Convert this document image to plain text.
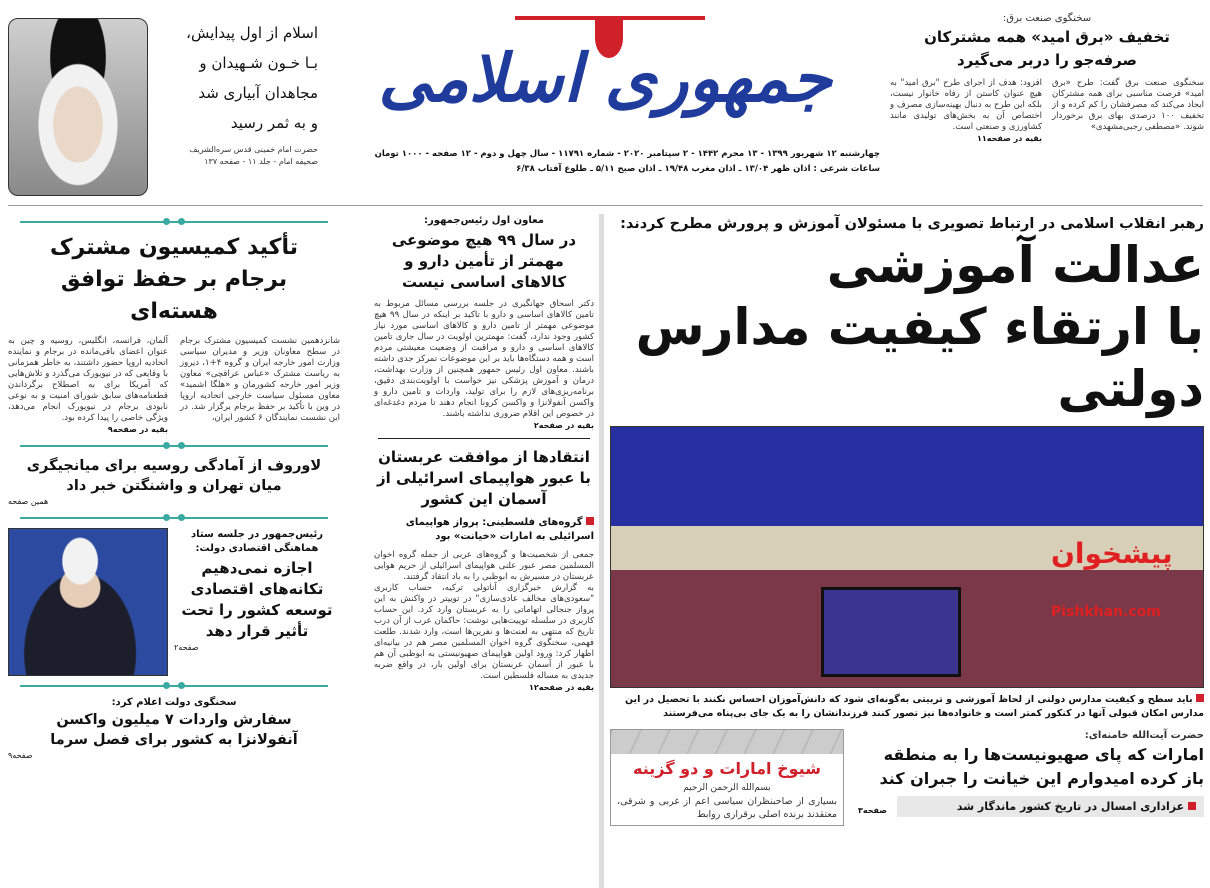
اسلام از اول پیدایش،
بـا خـون شـهیدان و
مجاهدان آبیاری شد
و به ثمر رسید
حضرت امام خمینی قدس سره‌الشریف
صحیفه امام - جلد ۱۱ - صفحه ۱۳۷
جمهوری اسلامی
چهارشنبه ۱۲ شهریور ۱۳۹۹ - ۱۳ محرم ۱۴۴۲ - ۲ سپتامبر ۲۰۲۰ - شماره ۱۱۷۹۱ - سال چهل و دوم - ۱۲ صفحه - ۱۰۰۰ تومان
ساعات شرعی : اذان ظهر ۱۳/۰۴ ـ اذان مغرب ۱۹/۴۸ ـ اذان صبح ۵/۱۱ ـ طلوع آفتاب ۶/۳۸
سخنگوی صنعت برق:
تخفیف «برق امید» همه مشترکان
صرفه‌جو را دربر می‌گیرد
سخنگوی صنعت برق گفت: طرح «برق امید» فرصت مناسبی برای همه مشترکان ایجاد می‌کند که مصرفشان را کم کرده و از تخفیف ۱۰۰ درصدی بهای برق برخوردار شوند. «مصطفی رجبی‌مشهدی»
افزود: هدف از اجرای طرح "برق امید" به هیچ عنوان کاستن از رفاه خانوار نیست، بلکه این طرح به دنبال بهینه‌سازی مصرف و اختصاص آن به بخش‌های تولیدی مانند کشاورزی و صنعتی است.
بقیه در صفحه۱۱
رهبر انقلاب اسلامی در ارتباط تصویری با مسئولان آموزش و پرورش مطرح کردند:
عدالت آموزشی
با ارتقاء کیفیت مدارس دولتی
پیشخوان
Pishkhan.com
باید سطح و کیفیت مدارس دولتی از لحاظ آموزشی و تربیتی به‌گونه‌ای شود که دانش‌آموزان احساس نکنند با تحصیل در این مدارس امکان قبولی آنها در کنکور کمتر است و خانواده‌ها نیز تصور کنند فرزندانشان را به یک جای بی‌پناه می‌فرستند
حضرت آیت‌الله خامنه‌ای:
امارات که پای صهیونیست‌ها را به منطقه
باز کرده امیدوارم این خیانت را جبران کند
عزاداری امسال در تاریخ کشور ماندگار شد
صفحه۳
شیوخ امارات و دو گزینه
بسم‌الله الرحمن الرحیم
بسیاری از صاحبنظران سیاسی اعم از غربی و شرقی، معتقدند برنده اصلی برقراری روابط
معاون اول رئیس‌جمهور:
در سال ۹۹ هیچ موضوعی مهمتر از تأمین دارو و کالاهای اساسی نیست
دکتر اسحاق جهانگیری در جلسه بررسی مسائل مربوط به تامین کالاهای اساسی و دارو با تاکید بر اینکه در سال ۹۹ هیچ موضوعی مهمتر از تامین دارو و کالاهای اساسی مورد نیاز کشور وجود ندارد، گفت: مهمترین اولویت در سال جاری تامین کالاهای اساسی و دارو و مراقبت از وضعیت معیشتی مردم است و همه دستگاه‌ها باید بر این موضوعات تمرکز جدی داشته باشند. معاون اول رئیس جمهور همچنین از وزارت بهداشت، درمان و آموزش پزشکی نیز خواست با اولویت‌بندی دقیق، برنامه‌ریزی‌های لازم را برای تولید، واردات و تامین دارو و واکسن آنفولانزا و واکسن کرونا انجام دهند تا مردم دغدغه‌ای در خصوص این اقلام ضروری نداشته باشند.
بقیه در صفحه۲
انتقادها از موافقت عربستان با عبور هواپیمای اسرائیلی از آسمان این کشور
گروه‌های فلسطینی: پرواز هواپیمای اسرائیلی به امارات «خیانت» بود
جمعی از شخصیت‌ها و گروه‌های عربی از جمله گروه اخوان المسلمین مصر عبور علنی هواپیمای اسرائیلی از حریم هوایی عربستان در مسیرش به ابوظبی را به باد انتقاد گرفتند.
به گزارش خبرگزاری آناتولی ترکیه، حساب کاربری "سعودی‌های مخالف عادی‌سازی" در توییتر در واکنش به این پرواز جنجالی اتهاماتی را به عربستان وارد کرد. این حساب کاربری در سلسله توییت‌هایی نوشت: حاکمان عرب از آن درب تاریخ که منتهی به لعنت‌ها و نفرین‌ها است، وارد شدند. طلعت فهمی، سخنگوی گروه اخوان المسلمین مصر هم در بیانیه‌ای اظهار کرد: ورود اولین هواپیمای صهیونیستی به ابوظبی آن هم با عبور از آسمان عربستان برای اولین بار، در واقع ضربه جدیدی به مساله فلسطین است.
بقیه در صفحه۱۲
تأکید کمیسیون مشترک برجام بر حفظ توافق هسته‌ای
شانزدهمین نشست کمیسیون مشترک برجام در سطح معاونان وزیر و مدیران سیاسی وزارت امور خارجه ایران و گروه ۴+۱، دیروز به ریاست مشترک «عباس عراقچی» معاون وزیر امور خارجه کشورمان و «هلگا اشمید» معاون مسئول سیاست خارجی اتحادیه اروپا در وین با تأکید بر حفظ برجام برگزار شد. در این نشست نمایندگان ۶ کشور ایران،
آلمان، فرانسه، انگلیس، روسیه و چین به عنوان اعضای باقی‌مانده در برجام و نماینده اتحادیه اروپا حضور داشتند، به خاطر همزمانی با وقایعی که در نیویورک می‌گذرد و تلاش‌هایی که آمریکا برای به اصطلاح برگرداندن قطعنامه‌های سابق شورای امنیت و به نوعی نابودی برجام در نیویورک انجام می‌دهد، ویژگی خاصی را پیدا کرده بود.
بقیه در صفحه۹
لاوروف از آمادگی روسیه برای میانجیگری میان تهران و واشنگتن خبر داد
همین صفحه
رئیس‌جمهور در جلسه ستاد هماهنگی اقتصادی دولت:
اجازه نمی‌دهیم تکانه‌های اقتصادی توسعه کشور را تحت تأثیر قرار دهد
صفحه۲
سخنگوی دولت اعلام کرد:
سفارش واردات ۷ میلیون واکسن آنفولانزا به کشور برای فصل سرما
صفحه۹
